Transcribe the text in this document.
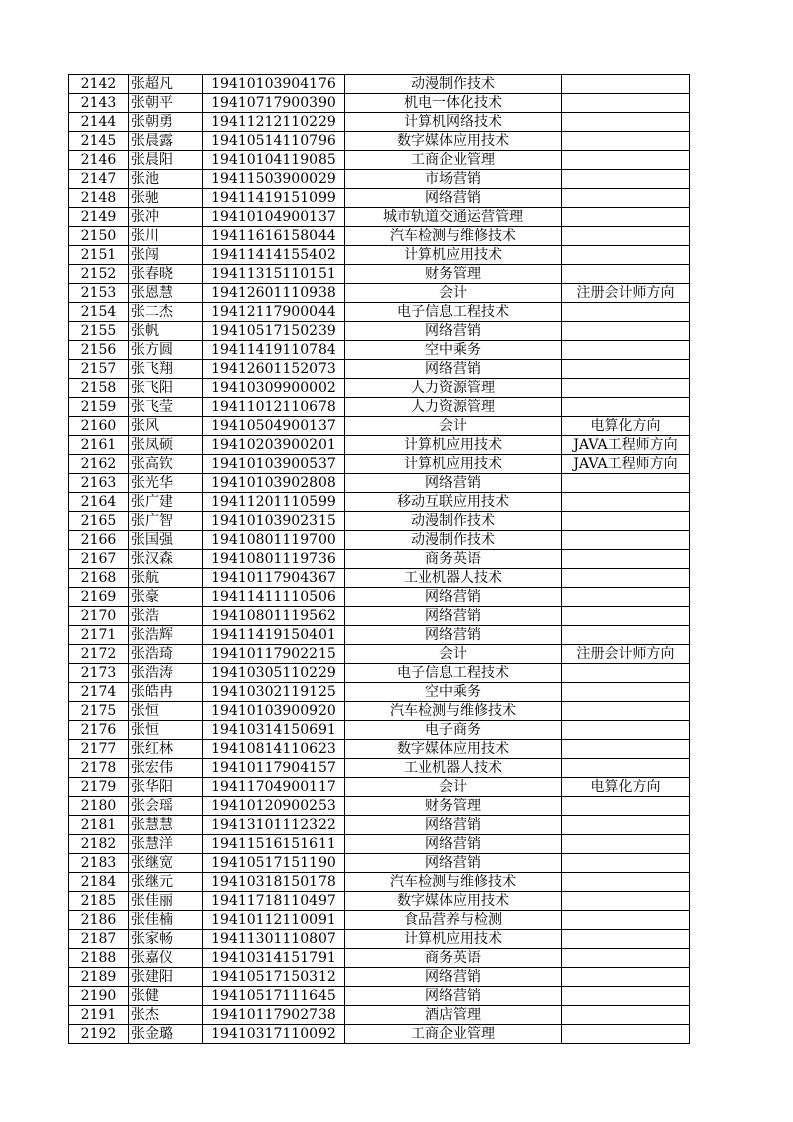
2142	张超凡	19410103904176	动漫制作技术	
2143	张朝平	19410717900390	机电一体化技术	
2144	张朝勇	19411212110229	计算机网络技术	
2145	张晨露	19410514110796	数字媒体应用技术	
2146	张晨阳	19410104119085	工商企业管理	
2147	张池	19411503900029	市场营销	
2148	张驰	19411419151099	网络营销	
2149	张冲	19410104900137	城市轨道交通运营管理	
2150	张川	19411616158044	汽车检测与维修技术	
2151	张闯	19411414155402	计算机应用技术	
2152	张春晓	19411315110151	财务管理	
2153	张恩慧	19412601110938	会计	注册会计师方向
2154	张二杰	19412117900044	电子信息工程技术	
2155	张帆	19410517150239	网络营销	
2156	张方圆	19411419110784	空中乘务	
2157	张飞翔	19412601152073	网络营销	
2158	张飞阳	19410309900002	人力资源管理	
2159	张飞莹	19411012110678	人力资源管理	
2160	张风	19410504900137	会计	电算化方向
2161	张凤硕	19410203900201	计算机应用技术	JAVA工程师方向
2162	张高钦	19410103900537	计算机应用技术	JAVA工程师方向
2163	张光华	19410103902808	网络营销	
2164	张广建	19411201110599	移动互联应用技术	
2165	张广智	19410103902315	动漫制作技术	
2166	张国强	19410801119700	动漫制作技术	
2167	张汉森	19410801119736	商务英语	
2168	张航	19410117904367	工业机器人技术	
2169	张豪	19411411110506	网络营销	
2170	张浩	19410801119562	网络营销	
2171	张浩辉	19411419150401	网络营销	
2172	张浩琦	19410117902215	会计	注册会计师方向
2173	张浩涛	19410305110229	电子信息工程技术	
2174	张皓冉	19410302119125	空中乘务	
2175	张恒	19410103900920	汽车检测与维修技术	
2176	张恒	19410314150691	电子商务	
2177	张红林	19410814110623	数字媒体应用技术	
2178	张宏伟	19410117904157	工业机器人技术	
2179	张华阳	19411704900117	会计	电算化方向
2180	张会瑶	19410120900253	财务管理	
2181	张慧慧	19413101112322	网络营销	
2182	张慧洋	19411516151611	网络营销	
2183	张继宽	19410517151190	网络营销	
2184	张继元	19410318150178	汽车检测与维修技术	
2185	张佳丽	19411718110497	数字媒体应用技术	
2186	张佳楠	19410112110091	食品营养与检测	
2187	张家畅	19411301110807	计算机应用技术	
2188	张嘉仪	19410314151791	商务英语	
2189	张建阳	19410517150312	网络营销	
2190	张健	19410517111645	网络营销	
2191	张杰	19410117902738	酒店管理	
2192	张金璐	19410317110092	工商企业管理	
